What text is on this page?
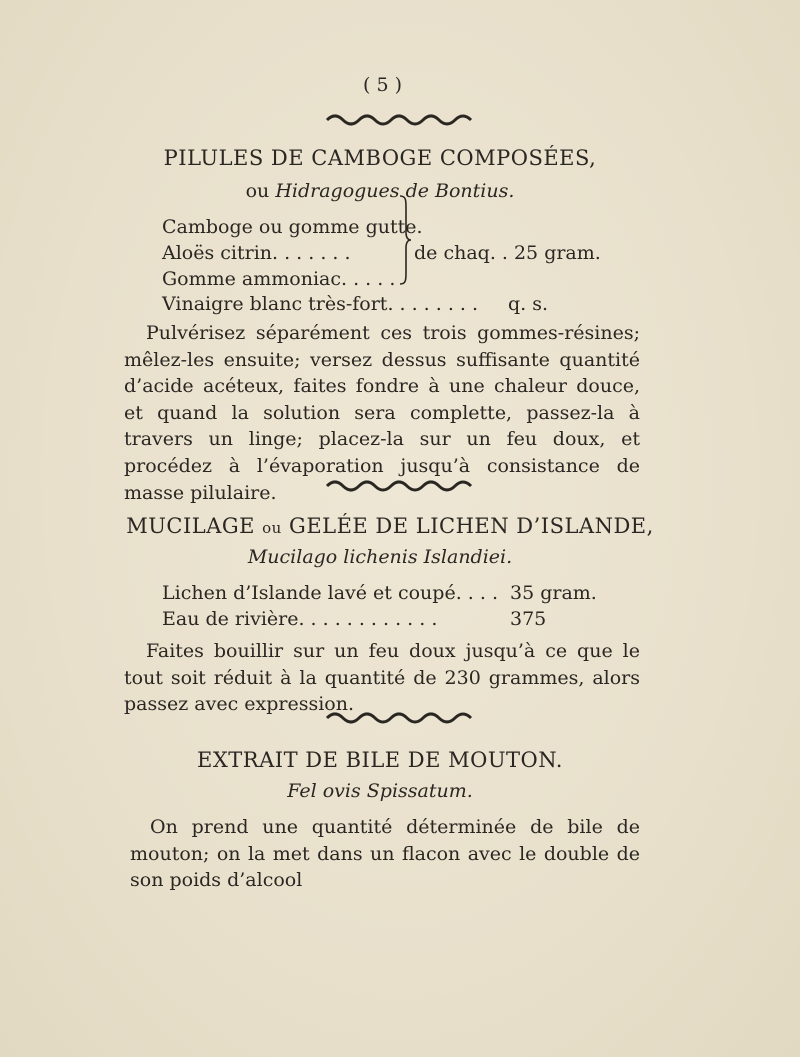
( 5 )
PILULES DE CAMBOGE COMPOSÉES,
ou Hidragogues de Bontius.
Camboge ou gomme gutte.
Aloës citrin. . . . . . .
Gomme ammoniac. . . . .
de chaq. . 25 gram.
Vinaigre blanc très-fort. . . . . . . . q. s.

Pulvérisez séparément ces trois gommes-résines; mêlez-les ensuite; versez dessus suffisante quantité d’acide acéteux, faites fondre à une chaleur douce, et quand la solution sera complette, passez-la à travers un linge; placez-la sur un feu doux, et procédez à l’évaporation jusqu’à consistance de masse pilulaire.

MUCILAGE ou GELÉE DE LICHEN D’ISLANDE,
Mucilago lichenis Islandiei.
Lichen d’Islande lavé et coupé. . . . 35 gram.
Eau de rivière. . . . . . . . . . . .	375

Faites bouillir sur un feu doux jusqu’à ce que le tout soit réduit à la quantité de 230 grammes, alors passez avec expression.

EXTRAIT DE BILE DE MOUTON.
Fel ovis Spissatum.

On prend une quantité déterminée de bile de mouton; on la met dans un flacon avec le double de son poids d’alcool
